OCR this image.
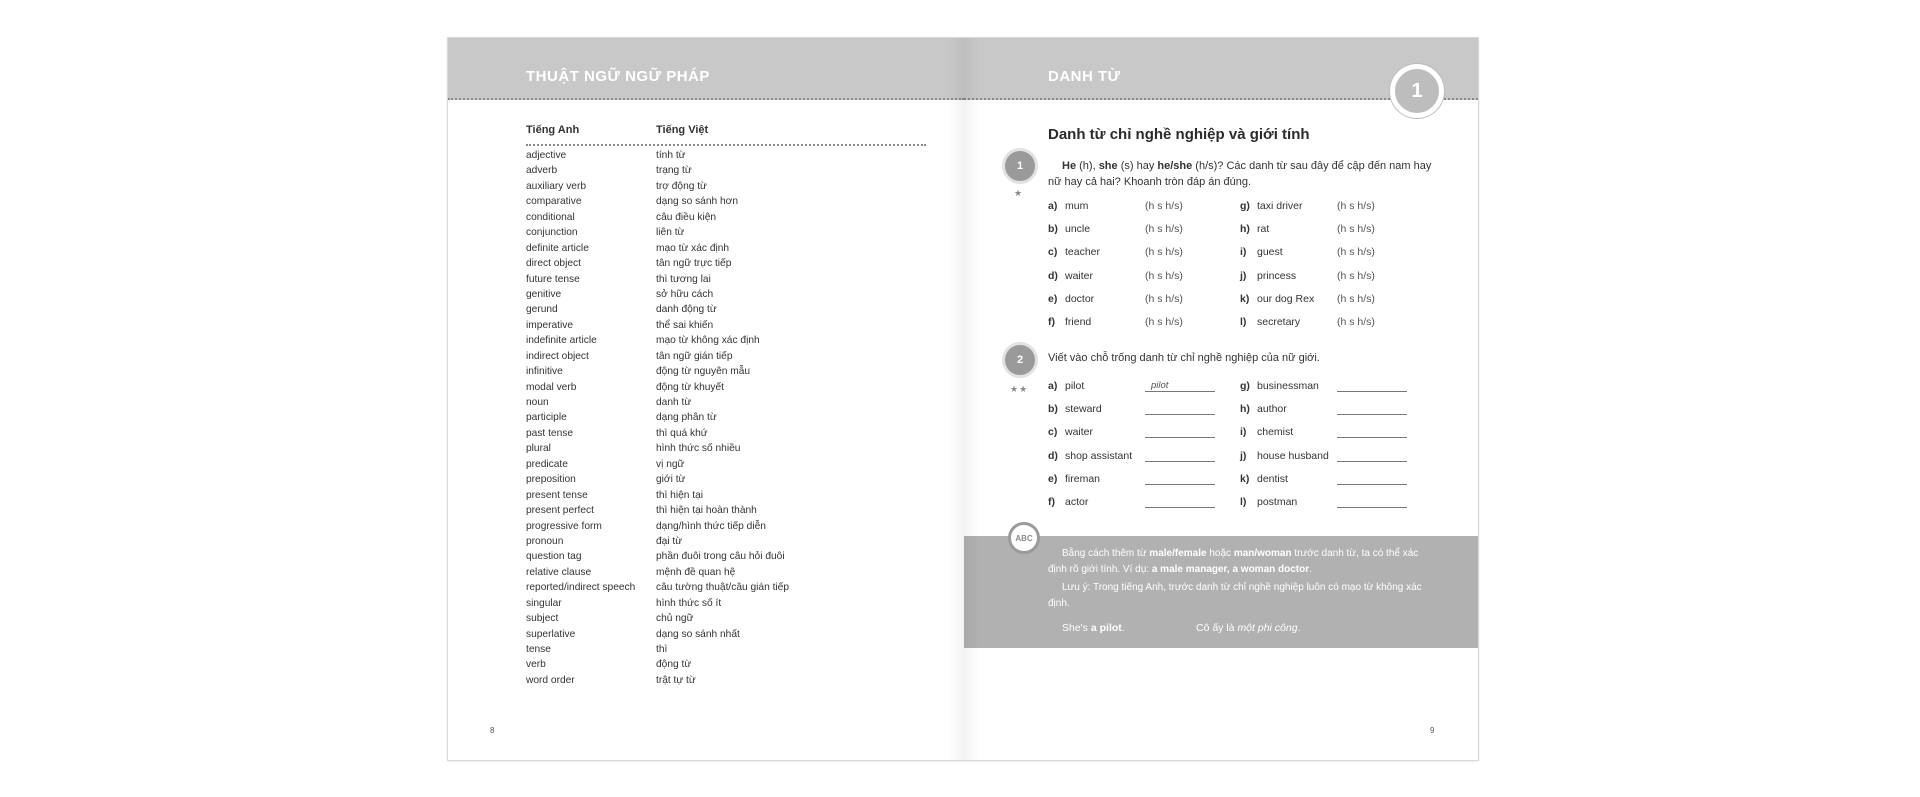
THUẬT NGỮ NGỮ PHÁP
Tiếng Anh	Tiếng Việt
adjective	tính từ
adverb	trạng từ
auxiliary verb	trợ động từ
comparative	dạng so sánh hơn
conditional	câu điều kiện
conjunction	liên từ
definite article	mạo từ xác định
direct object	tân ngữ trực tiếp
future tense	thì tương lai
genitive	sở hữu cách
gerund	danh động từ
imperative	thể sai khiến
indefinite article	mạo từ không xác định
indirect object	tân ngữ gián tiếp
infinitive	động từ nguyên mẫu
modal verb	động từ khuyết
noun	danh từ
participle	dạng phân từ
past tense	thì quá khứ
plural	hình thức số nhiều
predicate	vị ngữ
preposition	giới từ
present tense	thì hiện tại
present perfect	thì hiện tại hoàn thành
progressive form	dạng/hình thức tiếp diễn
pronoun	đại từ
question tag	phần đuôi trong câu hỏi đuôi
relative clause	mệnh đề quan hệ
reported/indirect speech câu tường thuật/câu gián tiếp
singular	hình thức số ít
subject	chủ ngữ
superlative	dạng so sánh nhất
tense	thì
verb	động từ
word order	trật tự từ
8
DANH TỪ
1
Danh từ chỉ nghề nghiệp và giới tính
1
★
He (h), she (s) hay he/she (h/s)? Các danh từ sau đây để cập đến nam hay nữ hay cả hai? Khoanh tròn đáp án đúng.
a) mum	(h s h/s)
b) uncle	(h s h/s)
c) teacher	(h s h/s)
d) waiter	(h s h/s)
e) doctor	(h s h/s)
f) friend	(h s h/s)
g) taxi driver	(h s h/s)
h) rat	(h s h/s)
i) guest	(h s h/s)
j) princess	(h s h/s)
k) our dog Rex (h s h/s)
l) secretary	(h s h/s)
2
★★
Viết vào chỗ trống danh từ chỉ nghề nghiệp của nữ giới.
a) pilot	pilot
b) steward
c) waiter
d) shop assistant
e) fireman
f) actor
g) businessman
h) author
i) chemist
j) house husband
k) dentist
l) postman
ABC
Bằng cách thêm từ male/female hoặc man/woman trước danh từ, ta có thể xác định rõ giới tính. Ví dụ: a male manager, a woman doctor.
Lưu ý: Trong tiếng Anh, trước danh từ chỉ nghề nghiệp luôn có mạo từ không xác định.
She's a pilot.	Cô ấy là một phi công.
9
